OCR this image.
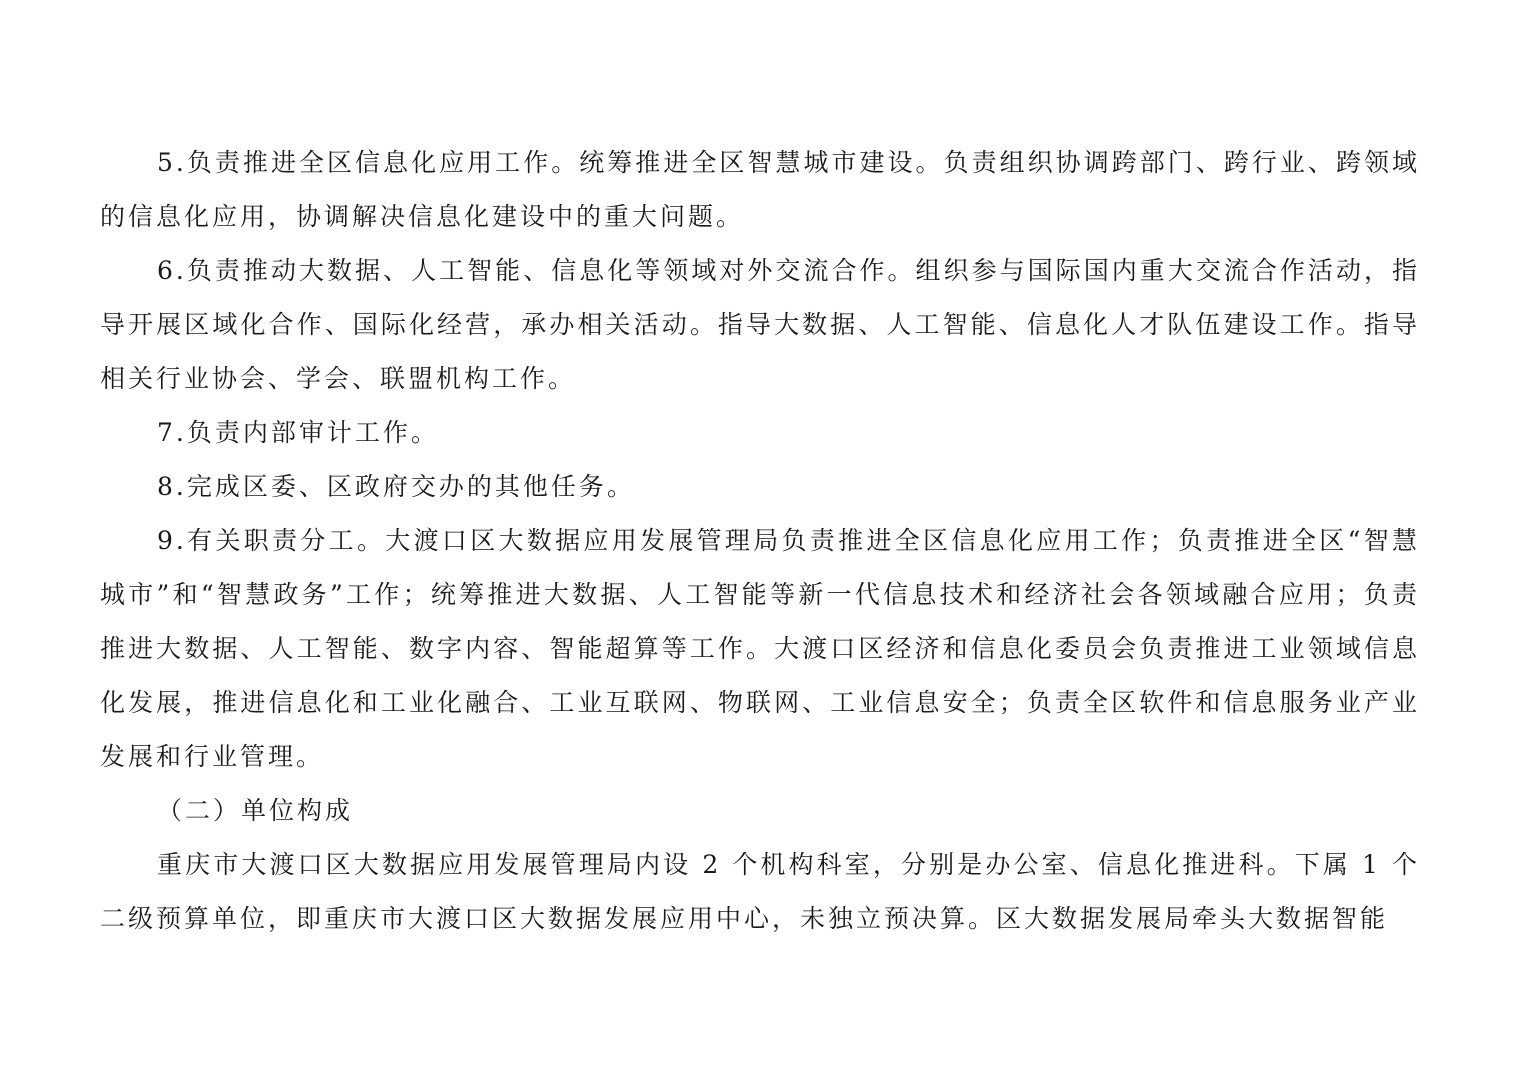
5.负责推进全区信息化应用工作。统筹推进全区智慧城市建设。负责组织协调跨部门、跨行业、跨领域的信息化应用，协调解决信息化建设中的重大问题。

6.负责推动大数据、人工智能、信息化等领域对外交流合作。组织参与国际国内重大交流合作活动，指导开展区域化合作、国际化经营，承办相关活动。指导大数据、人工智能、信息化人才队伍建设工作。指导相关行业协会、学会、联盟机构工作。

7.负责内部审计工作。

8.完成区委、区政府交办的其他任务。

9.有关职责分工。大渡口区大数据应用发展管理局负责推进全区信息化应用工作；负责推进全区“智慧城市”和“智慧政务”工作；统筹推进大数据、人工智能等新一代信息技术和经济社会各领域融合应用；负责推进大数据、人工智能、数字内容、智能超算等工作。大渡口区经济和信息化委员会负责推进工业领域信息化发展，推进信息化和工业化融合、工业互联网、物联网、工业信息安全；负责全区软件和信息服务业产业发展和行业管理。

（二）单位构成

重庆市大渡口区大数据应用发展管理局内设 2 个机构科室，分别是办公室、信息化推进科。下属 1 个二级预算单位，即重庆市大渡口区大数据发展应用中心，未独立预决算。区大数据发展局牵头大数据智能
